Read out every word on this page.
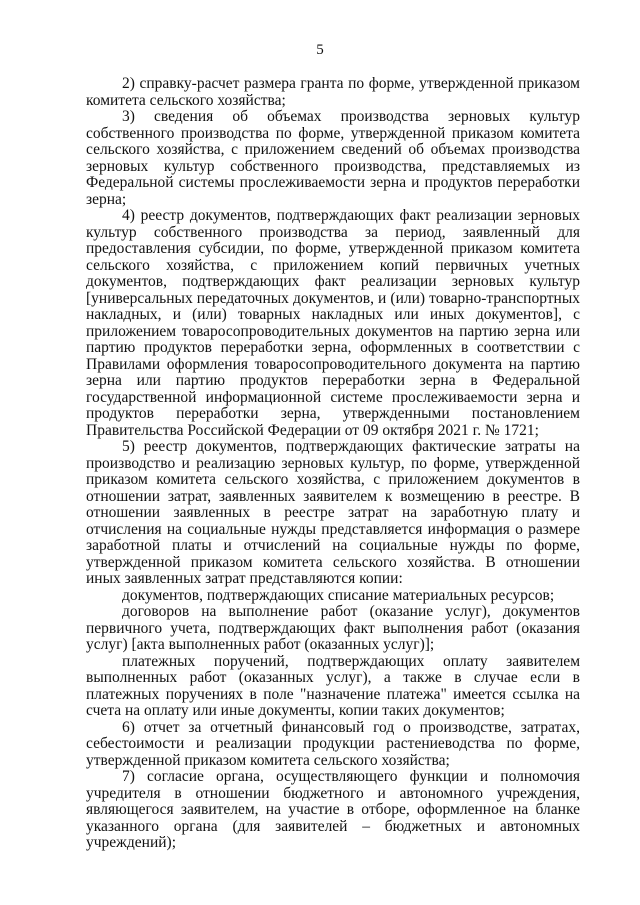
5

2) справку-расчет размера гранта по форме, утвержденной приказом комитета сельского хозяйства;

3) сведения об объемах производства зерновых культур собственного производства по форме, утвержденной приказом комитета сельского хозяйства, с приложением сведений об объемах производства зерновых культур собственного производства, представляемых из Федеральной системы прослеживаемости зерна и продуктов переработки зерна;

4) реестр документов, подтверждающих факт реализации зерновых культур собственного производства за период, заявленный для предоставления субсидии, по форме, утвержденной приказом комитета сельского хозяйства, с приложением копий первичных учетных документов, подтверждающих факт реализации зерновых культур [универсальных передаточных документов, и (или) товарно-транспортных накладных, и (или) товарных накладных или иных документов], с приложением товаросопроводительных документов на партию зерна или партию продуктов переработки зерна, оформленных в соответствии с Правилами оформления товаросопроводительного документа на партию зерна или партию продуктов переработки зерна в Федеральной государственной информационной системе прослеживаемости зерна и продуктов переработки зерна, утвержденными постановлением Правительства Российской Федерации от 09 октября 2021 г. № 1721;

5) реестр документов, подтверждающих фактические затраты на производство и реализацию зерновых культур, по форме, утвержденной приказом комитета сельского хозяйства, с приложением документов в отношении затрат, заявленных заявителем к возмещению в реестре. В отношении заявленных в реестре затрат на заработную плату и отчисления на социальные нужды представляется информация о размере заработной платы и отчислений на социальные нужды по форме, утвержденной приказом комитета сельского хозяйства. В отношении иных заявленных затрат представляются копии:

документов, подтверждающих списание материальных ресурсов;

договоров на выполнение работ (оказание услуг), документов первичного учета, подтверждающих факт выполнения работ (оказания услуг) [акта выполненных работ (оказанных услуг)];

платежных поручений, подтверждающих оплату заявителем выполненных работ (оказанных услуг), а также в случае если в платежных поручениях в поле "назначение платежа" имеется ссылка на счета на оплату или иные документы, копии таких документов;

6) отчет за отчетный финансовый год о производстве, затратах, себестоимости и реализации продукции растениеводства по форме, утвержденной приказом комитета сельского хозяйства;

7) согласие органа, осуществляющего функции и полномочия учредителя в отношении бюджетного и автономного учреждения, являющегося заявителем, на участие в отборе, оформленное на бланке указанного органа (для заявителей – бюджетных и автономных учреждений);
